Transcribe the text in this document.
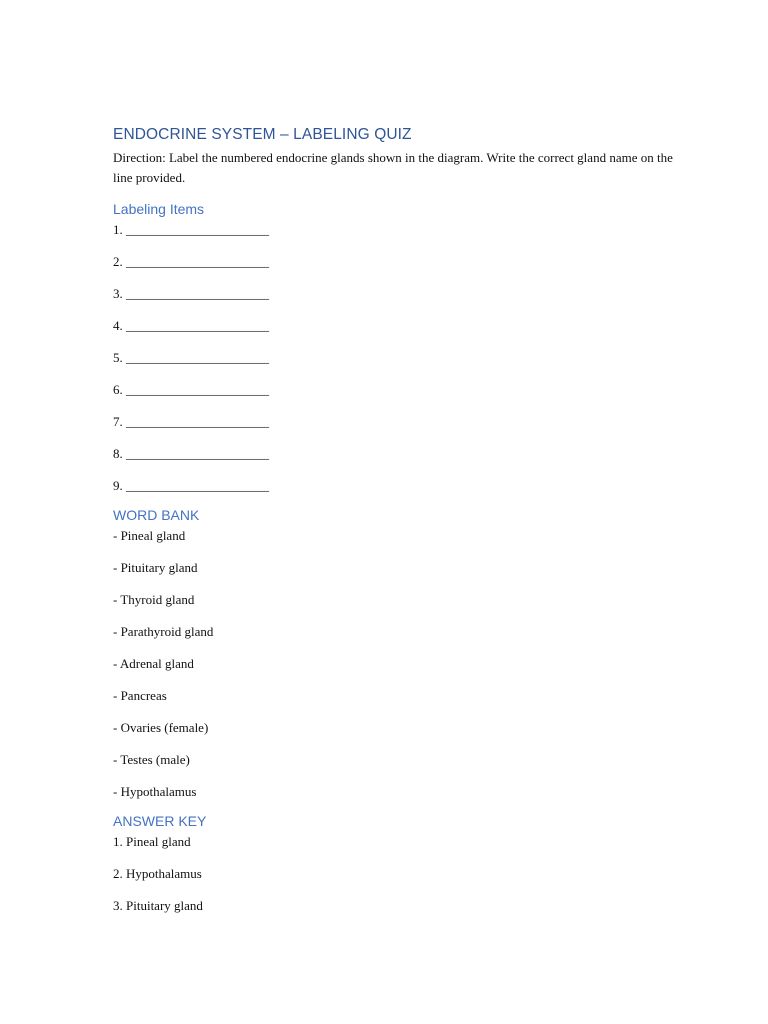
ENDOCRINE SYSTEM – LABELING QUIZ

Direction: Label the numbered endocrine glands shown in the diagram. Write the correct gland name on the line provided.

Labeling Items
1. ______________________
2. ______________________
3. ______________________
4. ______________________
5. ______________________
6. ______________________
7. ______________________
8. ______________________
9. ______________________
WORD BANK
- Pineal gland
- Pituitary gland
- Thyroid gland
- Parathyroid gland
- Adrenal gland
- Pancreas
- Ovaries (female)
- Testes (male)
- Hypothalamus
ANSWER KEY
1. Pineal gland
2. Hypothalamus
3. Pituitary gland
